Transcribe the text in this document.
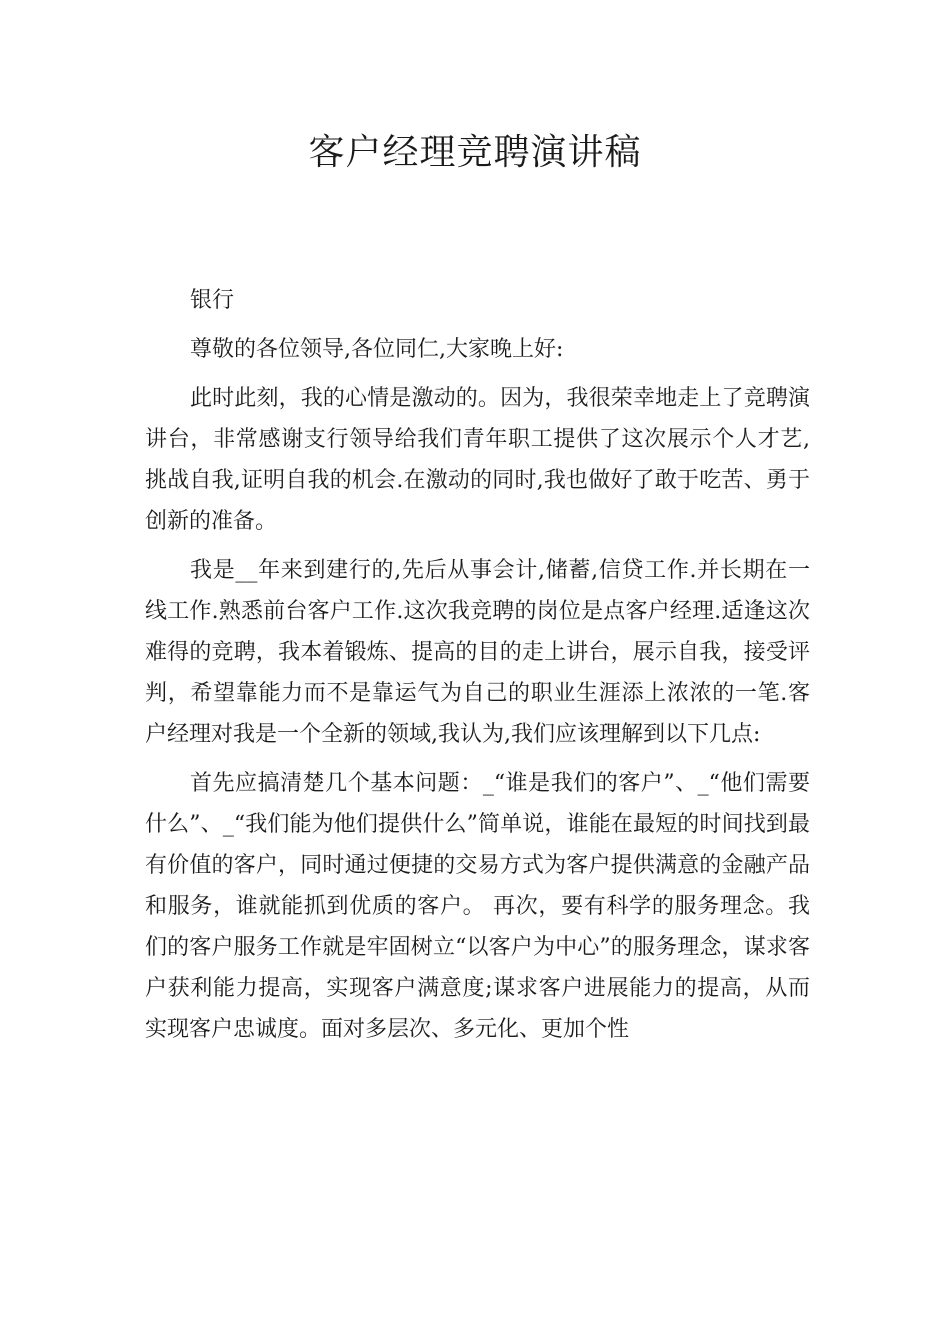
客户经理竞聘演讲稿

银行

尊敬的各位领导,各位同仁,大家晚上好:

此时此刻，我的心情是激动的。因为，我很荣幸地走上了竞聘演讲台，非常感谢支行领导给我们青年职工提供了这次展示个人才艺,挑战自我,证明自我的机会.在激动的同时,我也做好了敢于吃苦、勇于创新的准备。

我是__年来到建行的,先后从事会计,储蓄,信贷工作.并长期在一线工作.熟悉前台客户工作.这次我竞聘的岗位是点客户经理.适逢这次难得的竞聘，我本着锻炼、提高的目的走上讲台，展示自我，接受评判，希望靠能力而不是靠运气为自己的职业生涯添上浓浓的一笔.客户经理对我是一个全新的领域,我认为,我们应该理解到以下几点:

首先应搞清楚几个基本问题：_“谁是我们的客户”、_“他们需要什么”、_“我们能为他们提供什么”简单说，谁能在最短的时间找到最有价值的客户，同时通过便捷的交易方式为客户提供满意的金融产品和服务，谁就能抓到优质的客户。 再次，要有科学的服务理念。我们的客户服务工作就是牢固树立“以客户为中心”的服务理念，谋求客户获利能力提高，实现客户满意度;谋求客户进展能力的提高，从而实现客户忠诚度。面对多层次、多元化、更加个性
